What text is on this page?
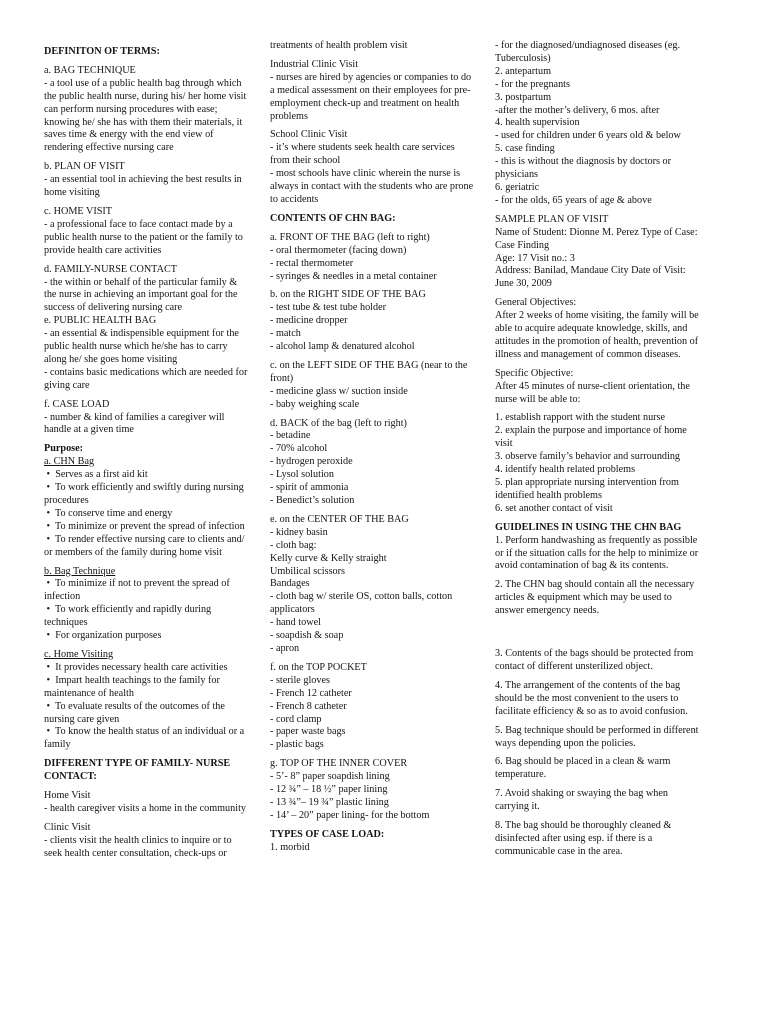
DEFINITON OF TERMS:
a. BAG TECHNIQUE
- a tool use of a public health bag through which
the public health nurse, during his/ her home visit
can perform nursing procedures with ease;
knowing he/ she has with them their materials, it
saves time & energy with the end view of
rendering effective nursing care
b. PLAN OF VISIT
- an essential tool in achieving the best results in
home visiting
c. HOME VISIT
- a professional face to face contact made by a
public health nurse to the patient or the family to
provide health care activities
d. FAMILY-NURSE CONTACT
- the within or behalf of the particular family &
the nurse in achieving an important goal for the
success of delivering nursing care
e. PUBLIC HEALTH BAG
- an essential & indispensible equipment for the
public health nurse which he/she has to carry
along he/ she goes home visiting
- contains basic medications which are needed for
giving care
f. CASE LOAD
- number & kind of families a caregiver will
handle at a given time
Purpose:
a. CHN Bag
•  Serves as a first aid kit
•  To work efficiently and swiftly during nursing
procedures
•  To conserve time and energy
•  To minimize or prevent the spread of infection
•  To render effective nursing care to clients and/
or members of the family during home visit
b. Bag Technique
•  To minimize if not to prevent the spread of
infection
•  To work efficiently and rapidly during
techniques
•  For organization purposes
c. Home Visiting
•  It provides necessary health care activities
•  Impart health teachings to the family for
maintenance of health
•  To evaluate results of the outcomes of the
nursing care given
•  To know the health status of an individual or a
family
DIFFERENT TYPE OF FAMILY- NURSE
CONTACT:
Home Visit
- health caregiver visits a home in the community
Clinic Visit
- clients visit the health clinics to inquire or to
seek health center consultation, check-ups or
treatments of health problem visit
Industrial Clinic Visit
- nurses are hired by agencies or companies to do
a medical assessment on their employees for pre-
employment check-up and treatment on health
problems
School Clinic Visit
- it’s where students seek health care services
from their school
- most schools have clinic wherein the nurse is
always in contact with the students who are prone
to accidents
CONTENTS OF CHN BAG:
a. FRONT OF THE BAG (left to right)
- oral thermometer (facing down)
- rectal thermometer
- syringes & needles in a metal container
b. on the RIGHT SIDE OF THE BAG
- test tube & test tube holder
- medicine dropper
- match
- alcohol lamp & denatured alcohol
c. on the LEFT SIDE OF THE BAG (near to the
front)
- medicine glass w/ suction inside
- baby weighing scale
d. BACK of the bag (left to right)
- betadine
- 70% alcohol
- hydrogen peroxide
- Lysol solution
- spirit of ammonia
- Benedict’s solution
e. on the CENTER OF THE BAG
- kidney basin
- cloth bag:
Kelly curve & Kelly straight
Umbilical scissors
Bandages
- cloth bag w/ sterile OS, cotton balls, cotton
applicators
- hand towel
- soapdish & soap
- apron
f. on the TOP POCKET
- sterile gloves
- French 12 catheter
- French 8 catheter
- cord clamp
- paper waste bags
- plastic bags
g. TOP OF THE INNER COVER
- 5’- 8” paper soapdish lining
- 12 ¾” – 18 ½” paper lining
- 13 ¾”– 19 ¾” plastic lining
- 14’ – 20” paper lining- for the bottom
TYPES OF CASE LOAD:
1. morbid
- for the diagnosed/undiagnosed diseases (eg.
Tuberculosis)
2. antepartum
- for the pregnants
3. postpartum
-after the mother’s delivery, 6 mos. after
4. health supervision
- used for children under 6 years old & below
5. case finding
- this is without the diagnosis by doctors or
physicians
6. geriatric
- for the olds, 65 years of age & above
SAMPLE PLAN OF VISIT
Name of Student: Dionne M. Perez Type of Case:
Case Finding
Age: 17 Visit no.: 3
Address: Banilad, Mandaue City Date of Visit:
June 30, 2009
General Objectives:
After 2 weeks of home visiting, the family will be
able to acquire adequate knowledge, skills, and
attitudes in the promotion of health, prevention of
illness and management of common diseases.
Specific Objective:
After 45 minutes of nurse-client orientation, the
nurse will be able to:
1. establish rapport with the student nurse
2. explain the purpose and importance of home
visit
3. observe family’s behavior and surrounding
4. identify health related problems
5. plan appropriate nursing intervention from
identified health problems
6. set another contact of visit
GUIDELINES IN USING THE CHN BAG
1. Perform handwashing as frequently as possible
or if the situation calls for the help to minimize or
avoid contamination of bag & its contents.
2. The CHN bag should contain all the necessary
articles & equipment which may be used to
answer emergency needs.
3. Contents of the bags should be protected from
contact of different unsterilized object.
4. The arrangement of the contents of the bag
should be the most convenient to the users to
facilitate efficiency & so as to avoid confusion.
5. Bag technique should be performed in different
ways depending upon the policies.
6. Bag should be placed in a clean & warm
temperature.
7. Avoid shaking or swaying the bag when
carrying it.
8. The bag should be thoroughly cleaned &
disinfected after using esp. if there is a
communicable case in the area.
